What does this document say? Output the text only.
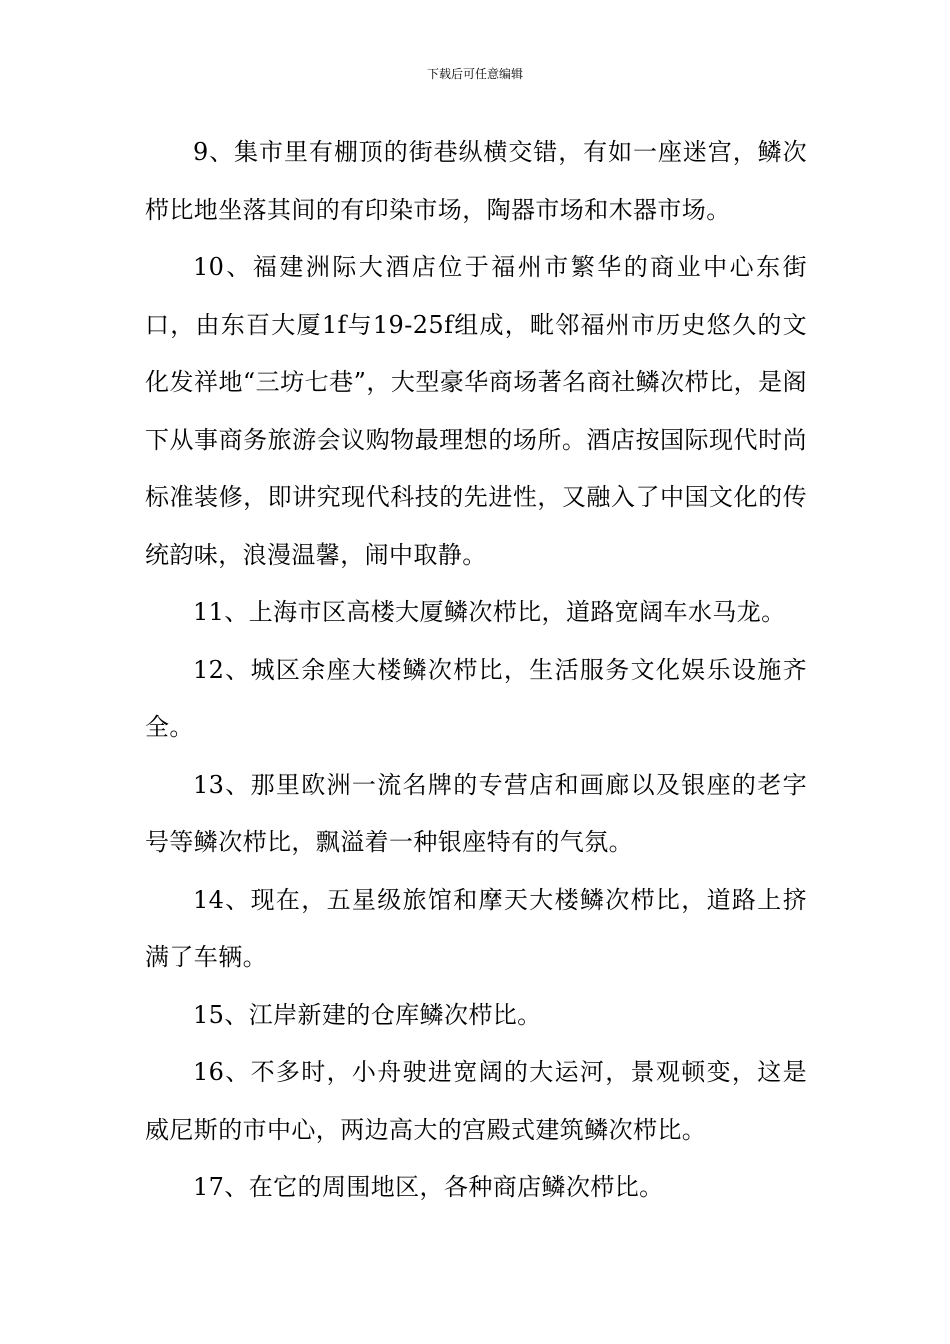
下载后可任意编辑

9、集市里有棚顶的街巷纵横交错，有如一座迷宫，鳞次栉比地坐落其间的有印染市场，陶器市场和木器市场。

10、福建洲际大酒店位于福州市繁华的商业中心东街口，由东百大厦1f与19-25f组成，毗邻福州市历史悠久的文化发祥地“三坊七巷”，大型豪华商场著名商社鳞次栉比，是阁下从事商务旅游会议购物最理想的场所。酒店按国际现代时尚标准装修，即讲究现代科技的先进性，又融入了中国文化的传统韵味，浪漫温馨，闹中取静。

11、上海市区高楼大厦鳞次栉比，道路宽阔车水马龙。

12、城区余座大楼鳞次栉比，生活服务文化娱乐设施齐全。

13、那里欧洲一流名牌的专营店和画廊以及银座的老字号等鳞次栉比，飘溢着一种银座特有的气氛。

14、现在，五星级旅馆和摩天大楼鳞次栉比，道路上挤满了车辆。

15、江岸新建的仓库鳞次栉比。

16、不多时，小舟驶进宽阔的大运河，景观顿变，这是威尼斯的市中心，两边高大的宫殿式建筑鳞次栉比。

17、在它的周围地区，各种商店鳞次栉比。
